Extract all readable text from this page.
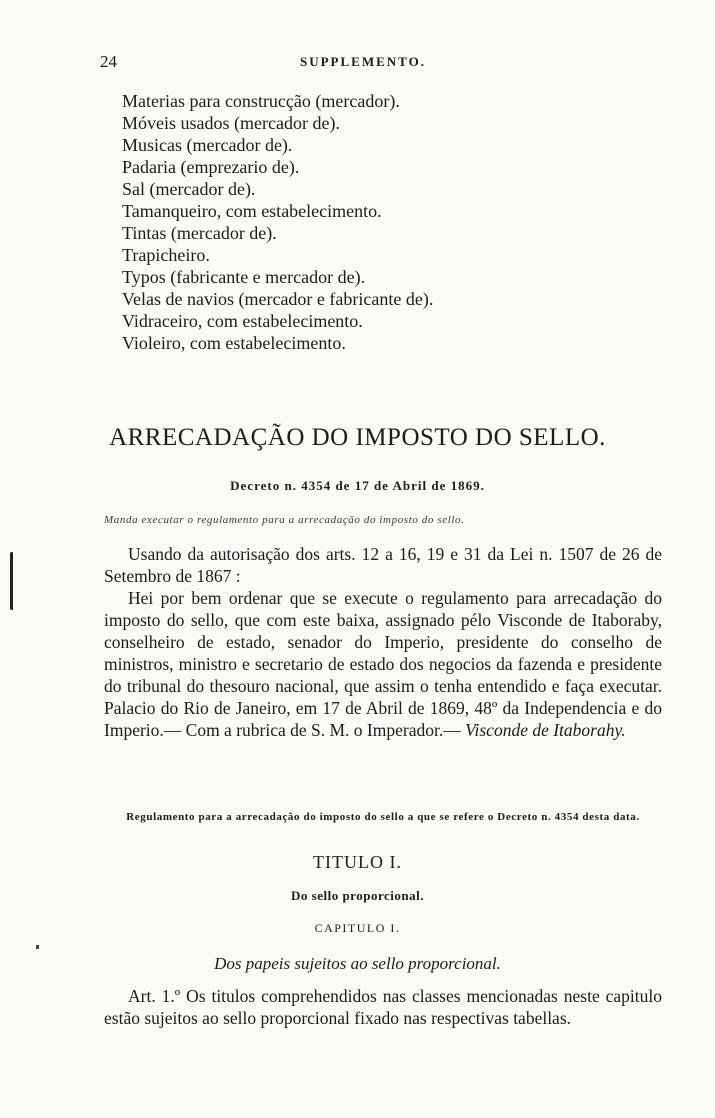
24	SUPPLEMENTO.
Materias para construcção (mercador).
Móveis usados (mercador de).
Musicas (mercador de).
Padaria (emprezario de).
Sal (mercador de).
Tamanqueiro, com estabelecimento.
Tintas (mercador de).
Trapicheiro.
Typos (fabricante e mercador de).
Velas de navios (mercador e fabricante de).
Vidraceiro, com estabelecimento.
Violeiro, com estabelecimento.
ARRECADAÇÃO DO IMPOSTO DO SELLO.
Decreto n. 4354 de 17 de Abril de 1869.
Manda executar o regulamento para a arrecadação do imposto do sello.

Usando da autorisação dos arts. 12 a 16, 19 e 31 da Lei n. 1507 de 26 de Setembro de 1867 :

Hei por bem ordenar que se execute o regulamento para arrecadação do imposto do sello, que com este baixa, assignado pélo Visconde de Itaboraby, conselheiro de estado, senador do Imperio, presidente do conselho de ministros, ministro e secretario de estado dos negocios da fazenda e presidente do tribunal do thesouro nacional, que assim o tenha entendido e faça executar. Palacio do Rio de Janeiro, em 17 de Abril de 1869, 48º da Independencia e do Imperio.— Com a rubrica de S. M. o Imperador.— Visconde de Itaborahy.

Regulamento para a arrecadação do imposto do sello a que se refere o Decreto n. 4354 desta data.
TITULO I.
Do sello proporcional.
CAPITULO I.
Dos papeis sujeitos ao sello proporcional.

Art. 1.º Os titulos comprehendidos nas classes mencionadas neste capitulo estão sujeitos ao sello proporcional fixado nas respectivas tabellas.
